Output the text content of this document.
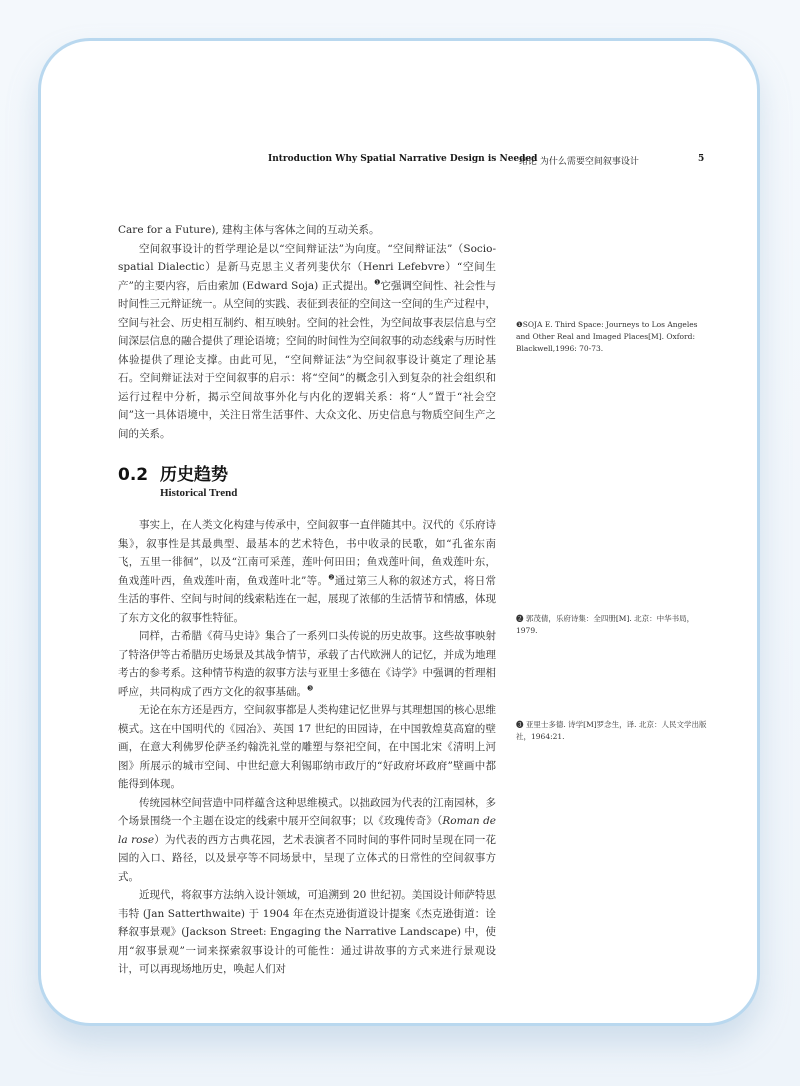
Introduction Why Spatial Narrative Design is Needed
绪论 为什么需要空间叙事设计	5

Care for a Future), 建构主体与客体之间的互动关系。

空间叙事设计的哲学理论是以“空间辩证法”为向度。“空间辩证法”（Socio-spatial Dialectic）是新马克思主义者列斐伏尔（Henri Lefebvre）“空间生产”的主要内容，后由索加 (Edward Soja) 正式提出。$^❶$它强调空间性、社会性与时间性三元辩证统一。从空间的实践、表征到表征的空间这一空间的生产过程中，空间与社会、历史相互制约、相互映射。空间的社会性，为空间故事表层信息与空间深层信息的融合提供了理论语境；空间的时间性为空间叙事的动态线索与历时性体验提供了理论支撑。由此可见，“空间辩证法”为空间叙事设计奠定了理论基石。空间辩证法对于空间叙事的启示：将“空间”的概念引入到复杂的社会组织和运行过程中分析，揭示空间故事外化与内化的逻辑关系：将“人”置于“社会空间”这一具体语境中，关注日常生活事件、大众文化、历史信息与物质空间生产之间的关系。

0.2 历史趋势
Historical Trend

事实上，在人类文化构建与传承中，空间叙事一直伴随其中。汉代的《乐府诗集》，叙事性是其最典型、最基本的艺术特色，书中收录的民歌，如“孔雀东南飞，五里一徘徊”，以及“江南可采莲，莲叶何田田；鱼戏莲叶间，鱼戏莲叶东，鱼戏莲叶西，鱼戏莲叶南，鱼戏莲叶北”等。$^❷$通过第三人称的叙述方式，将日常生活的事件、空间与时间的线索粘连在一起，展现了浓郁的生活情节和情感，体现了东方文化的叙事性特征。

同样，古希腊《荷马史诗》集合了一系列口头传说的历史故事。这些故事映射了特洛伊等古希腊历史场景及其战争情节，承载了古代欧洲人的记忆，并成为地理考古的参考系。这种情节构造的叙事方法与亚里士多德在《诗学》中强调的哲理相呼应，共同构成了西方文化的叙事基础。$^❸$

无论在东方还是西方，空间叙事都是人类构建记忆世界与其理想国的核心思维模式。这在中国明代的《园冶》、英国 17 世纪的田园诗，在中国敦煌莫高窟的壁画，在意大利佛罗伦萨圣约翰洗礼堂的雕塑与祭祀空间，在中国北宋《清明上河图》所展示的城市空间、中世纪意大利锡耶纳市政厅的“好政府坏政府”壁画中都能得到体现。

传统园林空间营造中同样蕴含这种思维模式。以拙政园为代表的江南园林，多个场景围绕一个主题在设定的线索中展开空间叙事；以《玫瑰传奇》（Roman de la rose）为代表的西方古典花园，艺术表演者不同时间的事件同时呈现在同一花园的入口、路径，以及景亭等不同场景中，呈现了立体式的日常性的空间叙事方式。

近现代，将叙事方法纳入设计领域，可追溯到 20 世纪初。美国设计师萨特思韦特 (Jan Satterthwaite) 于 1904 年在杰克逊街道设计提案《杰克逊街道：诠释叙事景观》(Jackson Street: Engaging the Narrative Landscape) 中，使用“叙事景观”一词来探索叙事设计的可能性：通过讲故事的方式来进行景观设计，可以再现场地历史，唤起人们对

❶SOJA E. Third Space: Journeys to Los Angeles and Other Real and Imaged Places[M]. Oxford: Blackwell,1996: 70-73.
❷ 郭茂倩，乐府诗集：全四册[M]. 北京：中华书局，1979.
❸ 亚里士多德. 诗学[M]罗念生，译. 北京：人民文学出版社，1964:21.
